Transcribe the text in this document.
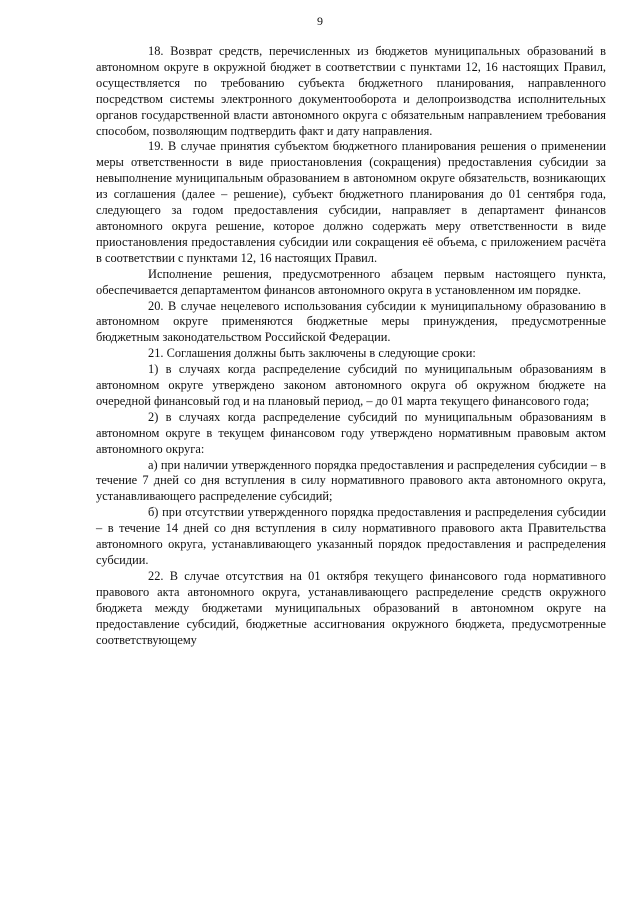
9

18. Возврат средств, перечисленных из бюджетов муниципальных образований в автономном округе в окружной бюджет в соответствии с пунктами 12, 16 настоящих Правил, осуществляется по требованию субъекта бюджетного планирования, направленного посредством системы электронного документооборота и делопроизводства исполнительных органов государственной власти автономного округа с обязательным направлением требования способом, позволяющим подтвердить факт и дату направления.

19. В случае принятия субъектом бюджетного планирования решения о применении меры ответственности в виде приостановления (сокращения) предоставления субсидии за невыполнение муниципальным образованием в автономном округе обязательств, возникающих из соглашения (далее – решение), субъект бюджетного планирования до 01 сентября года, следующего за годом предоставления субсидии, направляет в департамент финансов автономного округа решение, которое должно содержать меру ответственности в виде приостановления предоставления субсидии или сокращения её объема, с приложением расчёта в соответствии с пунктами 12, 16 настоящих Правил.

Исполнение решения, предусмотренного абзацем первым настоящего пункта, обеспечивается департаментом финансов автономного округа в установленном им порядке.

20. В случае нецелевого использования субсидии к муниципальному образованию в автономном округе применяются бюджетные меры принуждения, предусмотренные бюджетным законодательством Российской Федерации.

21. Соглашения должны быть заключены в следующие сроки:

1) в случаях когда распределение субсидий по муниципальным образованиям в автономном округе утверждено законом автономного округа об окружном бюджете на очередной финансовый год и на плановый период, – до 01 марта текущего финансового года;

2) в случаях когда распределение субсидий по муниципальным образованиям в автономном округе в текущем финансовом году утверждено нормативным правовым актом автономного округа:

а) при наличии утвержденного порядка предоставления и распределения субсидии – в течение 7 дней со дня вступления в силу нормативного правового акта автономного округа, устанавливающего распределение субсидий;

б) при отсутствии утвержденного порядка предоставления и распределения субсидии – в течение 14 дней со дня вступления в силу нормативного правового акта Правительства автономного округа, устанавливающего указанный порядок предоставления и распределения субсидии.

22. В случае отсутствия на 01 октября текущего финансового года нормативного правового акта автономного округа, устанавливающего распределение средств окружного бюджета между бюджетами муниципальных образований в автономном округе на предоставление субсидий, бюджетные ассигнования окружного бюджета, предусмотренные соответствующему
